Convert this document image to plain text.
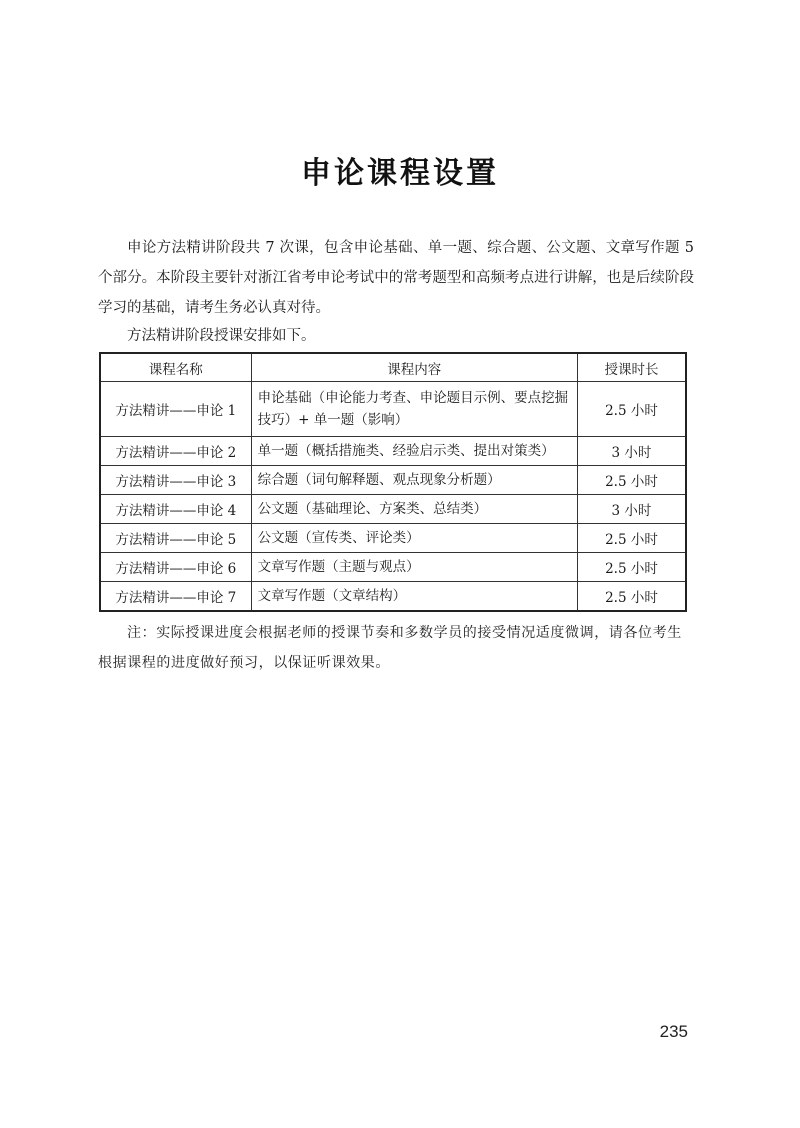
申论课程设置

申论方法精讲阶段共 7 次课，包含申论基础、单一题、综合题、公文题、文章写作题 5 个部分。本阶段主要针对浙江省考申论考试中的常考题型和高频考点进行讲解，也是后续阶段学习的基础，请考生务必认真对待。

方法精讲阶段授课安排如下。

课程名称	课程内容	授课时长
方法精讲——申论 1	申论基础（申论能力考查、申论题目示例、要点挖掘技巧）+ 单一题（影响）	2.5 小时
方法精讲——申论 2	单一题（概括措施类、经验启示类、提出对策类）	3 小时
方法精讲——申论 3	综合题（词句解释题、观点现象分析题）	2.5 小时
方法精讲——申论 4	公文题（基础理论、方案类、总结类）	3 小时
方法精讲——申论 5	公文题（宣传类、评论类）	2.5 小时
方法精讲——申论 6	文章写作题（主题与观点）	2.5 小时
方法精讲——申论 7	文章写作题（文章结构）	2.5 小时

注：实际授课进度会根据老师的授课节奏和多数学员的接受情况适度微调，请各位考生根据课程的进度做好预习，以保证听课效果。

235
